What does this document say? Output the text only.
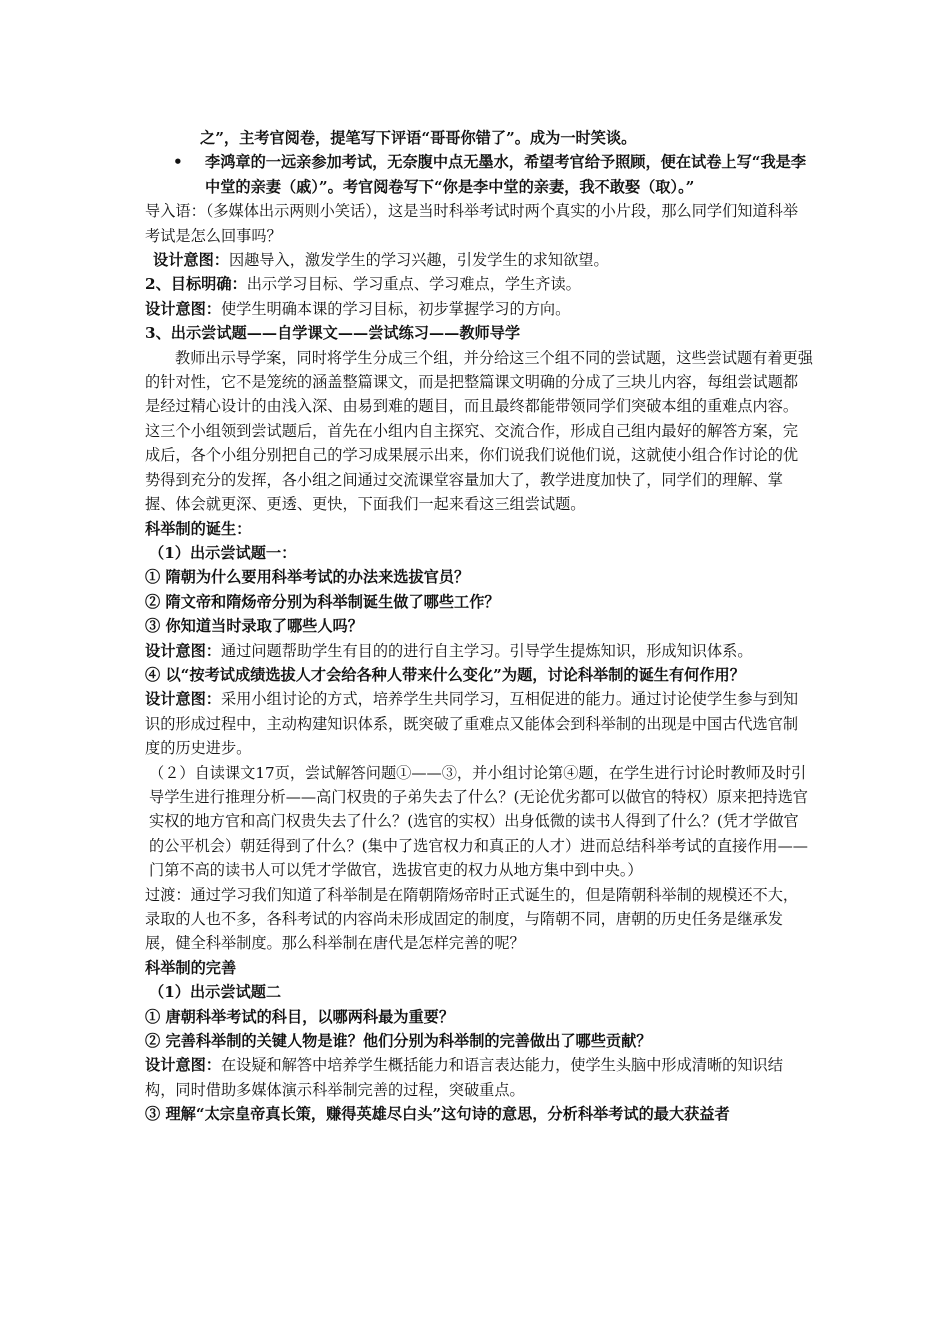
之”，主考官阅卷，提笔写下评语“哥哥你错了”。成为一时笑谈。

• 李鸿章的一远亲参加考试，无奈腹中点无墨水，希望考官给予照顾，便在试卷上写“我是李中堂的亲妻（戚）”。考官阅卷写下“你是李中堂的亲妻，我不敢娶（取）。”

导入语：（多媒体出示两则小笑话），这是当时科举考试时两个真实的小片段，那么同学们知道科举考试是怎么回事吗？

设计意图：因趣导入，激发学生的学习兴趣，引发学生的求知欲望。

2、目标明确：出示学习目标、学习重点、学习难点，学生齐读。

设计意图：使学生明确本课的学习目标，初步掌握学习的方向。

3、出示尝试题——自学课文——尝试练习——教师导学

教师出示导学案，同时将学生分成三个组，并分给这三个组不同的尝试题，这些尝试题有着更强的针对性，它不是笼统的涵盖整篇课文，而是把整篇课文明确的分成了三块儿内容，每组尝试题都是经过精心设计的由浅入深、由易到难的题目，而且最终都能带领同学们突破本组的重难点内容。这三个小组领到尝试题后，首先在小组内自主探究、交流合作，形成自己组内最好的解答方案，完成后，各个小组分别把自己的学习成果展示出来，你们说我们说他们说，这就使小组合作讨论的优势得到充分的发挥，各小组之间通过交流课堂容量加大了，教学进度加快了，同学们的理解、掌握、体会就更深、更透、更快，下面我们一起来看这三组尝试题。

科举制的诞生：

（1）出示尝试题一：

① 隋朝为什么要用科举考试的办法来选拔官员？

② 隋文帝和隋炀帝分别为科举制诞生做了哪些工作？

③ 你知道当时录取了哪些人吗？

设计意图：通过问题帮助学生有目的的进行自主学习。引导学生提炼知识，形成知识体系。

④ 以“按考试成绩选拔人才会给各种人带来什么变化”为题，讨论科举制的诞生有何作用？

设计意图：采用小组讨论的方式，培养学生共同学习，互相促进的能力。通过讨论使学生参与到知识的形成过程中，主动构建知识体系，既突破了重难点又能体会到科举制的出现是中国古代选官制度的历史进步。

（２）自读课文17页，尝试解答问题①——③，并小组讨论第④题，在学生进行讨论时教师及时引导学生进行推理分析——高门权贵的子弟失去了什么？(无论优劣都可以做官的特权）原来把持选官实权的地方官和高门权贵失去了什么？(选官的实权）出身低微的读书人得到了什么？(凭才学做官的公平机会）朝廷得到了什么？(集中了选官权力和真正的人才）进而总结科举考试的直接作用——门第不高的读书人可以凭才学做官，选拔官吏的权力从地方集中到中央。）

过渡：通过学习我们知道了科举制是在隋朝隋炀帝时正式诞生的，但是隋朝科举制的规模还不大，录取的人也不多，各科考试的内容尚未形成固定的制度，与隋朝不同，唐朝的历史任务是继承发展，健全科举制度。那么科举制在唐代是怎样完善的呢？

科举制的完善

（1）出示尝试题二

① 唐朝科举考试的科目，以哪两科最为重要？

② 完善科举制的关键人物是谁？他们分别为科举制的完善做出了哪些贡献？

设计意图：在设疑和解答中培养学生概括能力和语言表达能力，使学生头脑中形成清晰的知识结构，同时借助多媒体演示科举制完善的过程，突破重点。

③ 理解“太宗皇帝真长策，赚得英雄尽白头”这句诗的意思，分析科举考试的最大获益者
